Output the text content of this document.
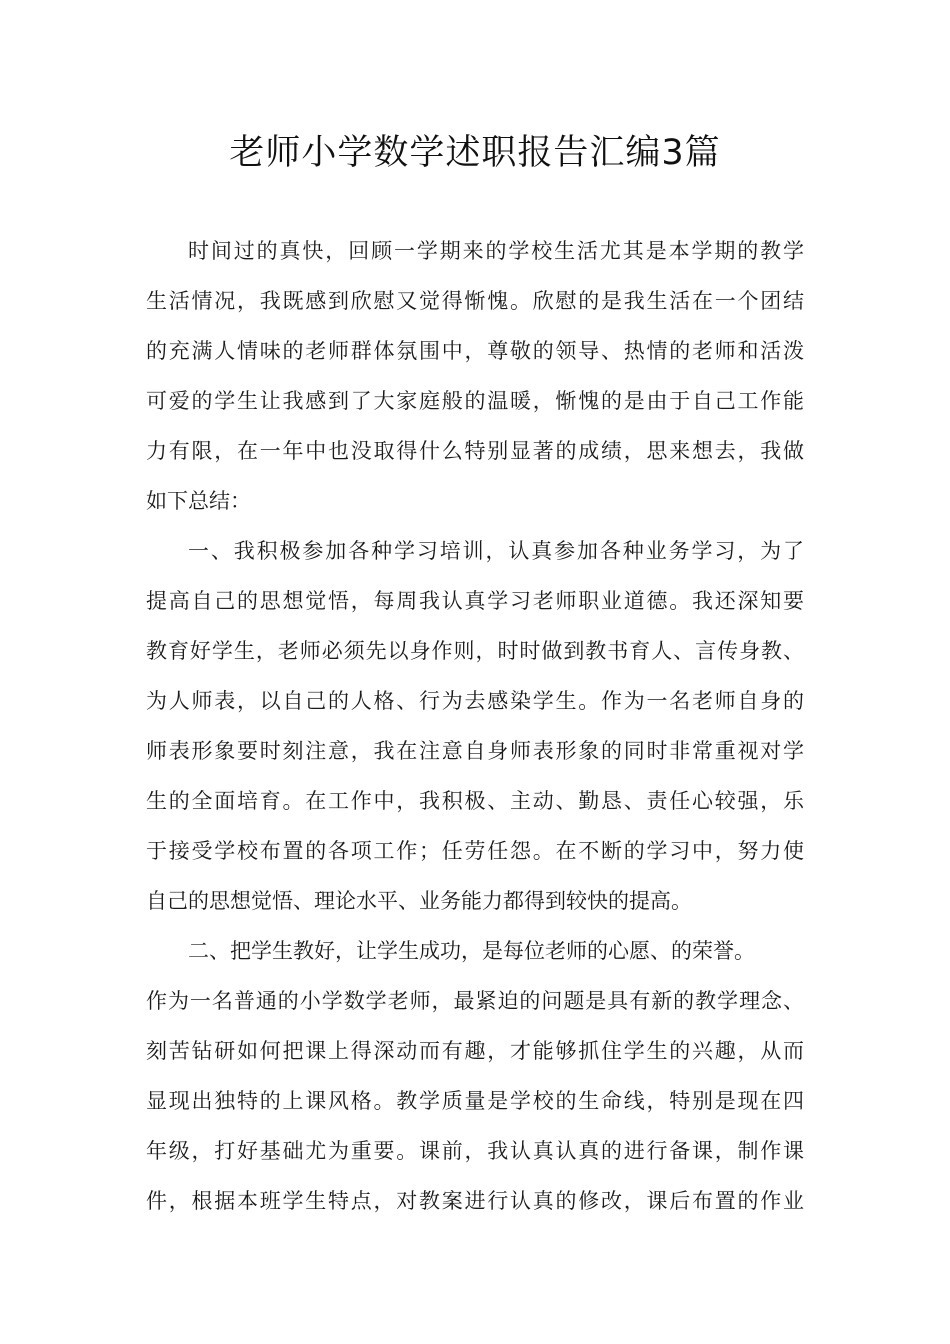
老师小学数学述职报告汇编3篇
时间过的真快，回顾一学期来的学校生活尤其是本学期的教学
生活情况，我既感到欣慰又觉得惭愧。欣慰的是我生活在一个团结
的充满人情味的老师群体氛围中，尊敬的领导、热情的老师和活泼
可爱的学生让我感到了大家庭般的温暖，惭愧的是由于自己工作能
力有限，在一年中也没取得什么特别显著的成绩，思来想去，我做
如下总结：
一、我积极参加各种学习培训，认真参加各种业务学习，为了
提高自己的思想觉悟，每周我认真学习老师职业道德。我还深知要
教育好学生，老师必须先以身作则，时时做到教书育人、言传身教、
为人师表，以自己的人格、行为去感染学生。作为一名老师自身的
师表形象要时刻注意，我在注意自身师表形象的同时非常重视对学
生的全面培育。在工作中，我积极、主动、勤恳、责任心较强，乐
于接受学校布置的各项工作；任劳任怨。在不断的学习中，努力使
自己的思想觉悟、理论水平、业务能力都得到较快的提高。
二、把学生教好，让学生成功，是每位老师的心愿、的荣誉。
作为一名普通的小学数学老师，最紧迫的问题是具有新的教学理念、
刻苦钻研如何把课上得深动而有趣，才能够抓住学生的兴趣，从而
显现出独特的上课风格。教学质量是学校的生命线，特别是现在四
年级，打好基础尤为重要。课前，我认真认真的进行备课，制作课
件，根据本班学生特点，对教案进行认真的修改，课后布置的作业
